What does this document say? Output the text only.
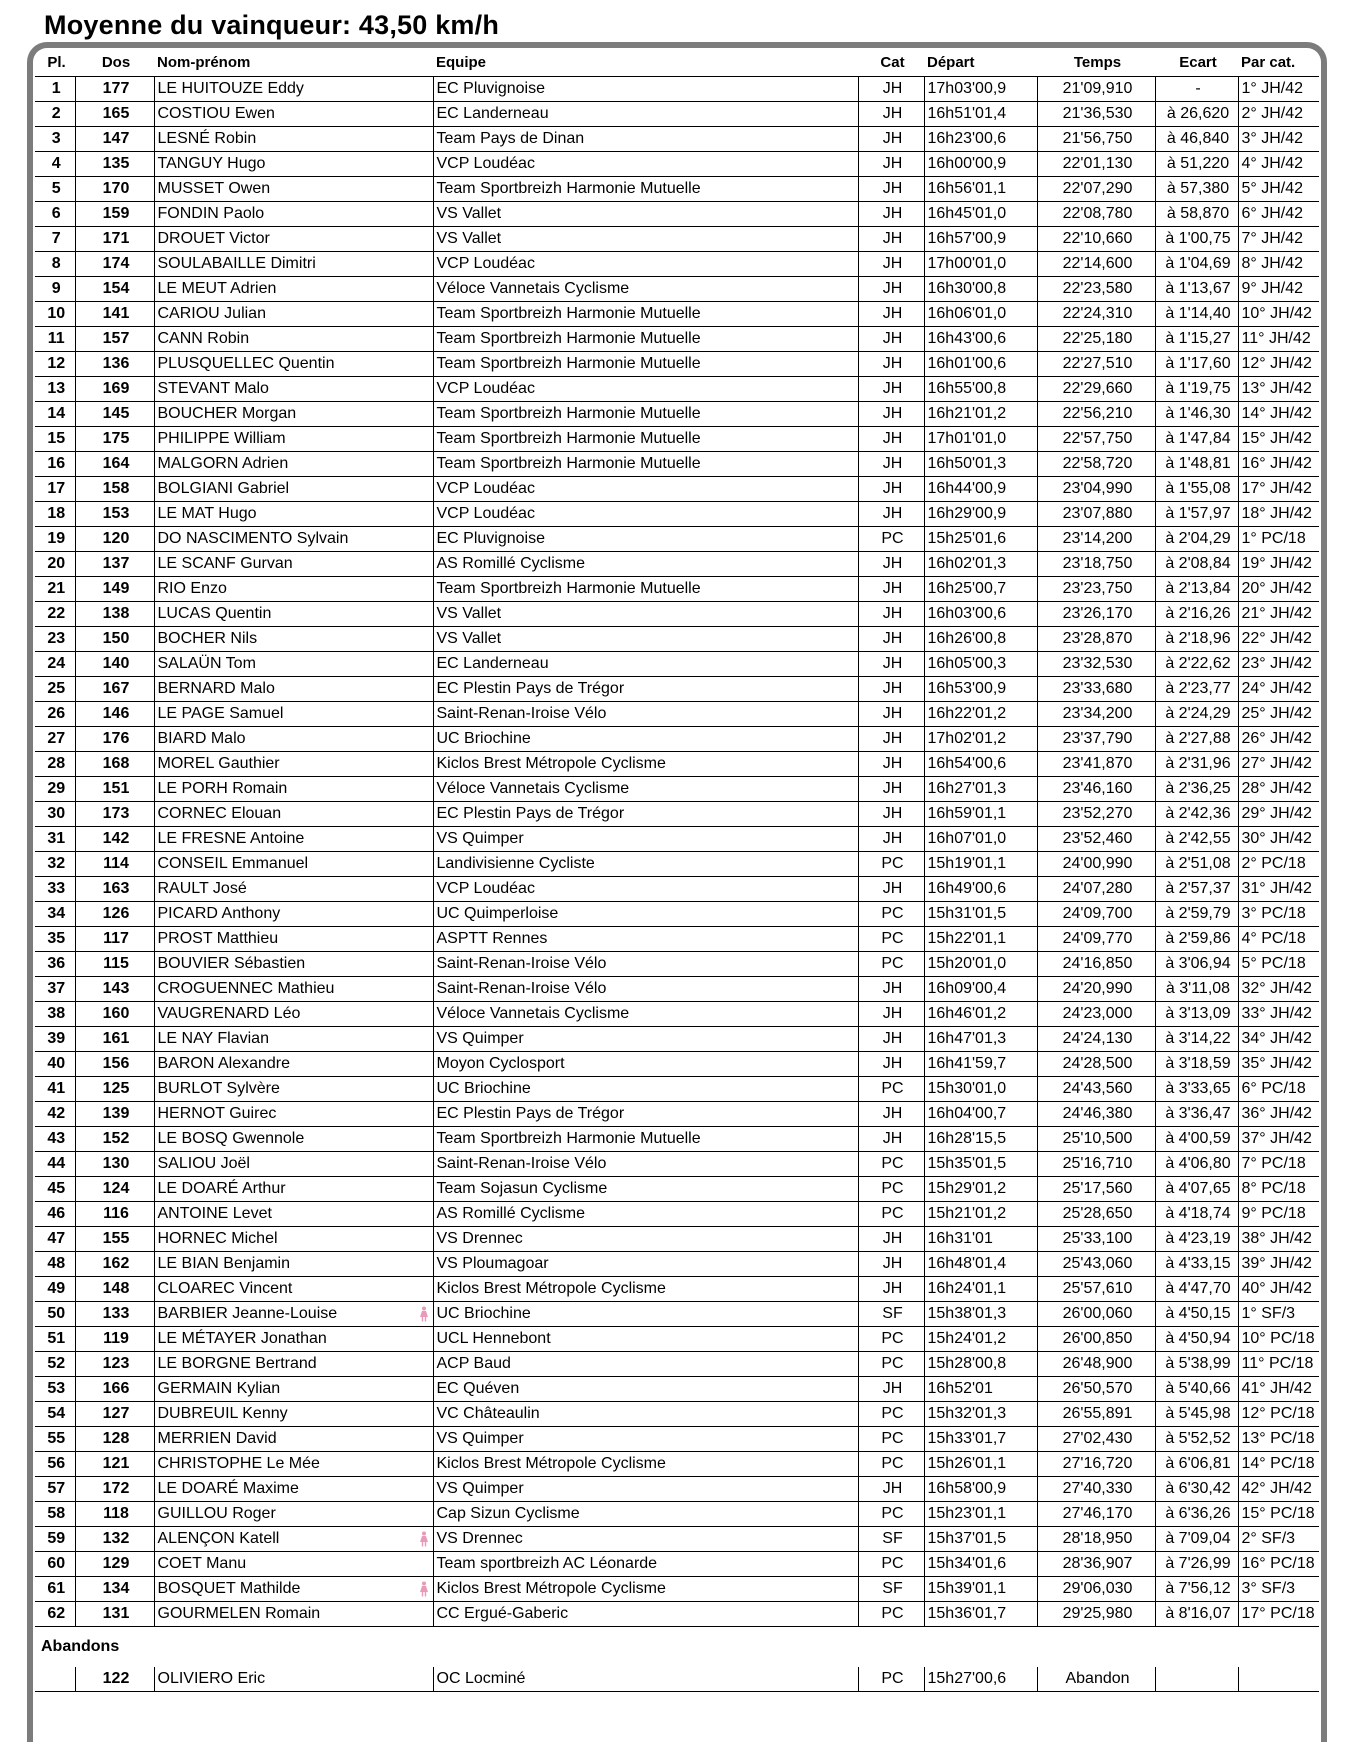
Moyenne du vainqueur: 43,50 km/h
Pl.	Dos	Nom-prénom	Equipe	Cat	Départ	Temps	Ecart	Par cat.
1	177	LE HUITOUZE Eddy	EC Pluvignoise	JH	17h03'00,9	21'09,910	-	1° JH/42
2	165	COSTIOU Ewen	EC Landerneau	JH	16h51'01,4	21'36,530	à 26,620	2° JH/42
3	147	LESNÉ Robin	Team Pays de Dinan	JH	16h23'00,6	21'56,750	à 46,840	3° JH/42
4	135	TANGUY Hugo	VCP Loudéac	JH	16h00'00,9	22'01,130	à 51,220	4° JH/42
5	170	MUSSET Owen	Team Sportbreizh Harmonie Mutuelle	JH	16h56'01,1	22'07,290	à 57,380	5° JH/42
6	159	FONDIN Paolo	VS Vallet	JH	16h45'01,0	22'08,780	à 58,870	6° JH/42
7	171	DROUET Victor	VS Vallet	JH	16h57'00,9	22'10,660	à 1'00,75	7° JH/42
8	174	SOULABAILLE Dimitri	VCP Loudéac	JH	17h00'01,0	22'14,600	à 1'04,69	8° JH/42
9	154	LE MEUT Adrien	Véloce Vannetais Cyclisme	JH	16h30'00,8	22'23,580	à 1'13,67	9° JH/42
10	141	CARIOU Julian	Team Sportbreizh Harmonie Mutuelle	JH	16h06'01,0	22'24,310	à 1'14,40	10° JH/42
11	157	CANN Robin	Team Sportbreizh Harmonie Mutuelle	JH	16h43'00,6	22'25,180	à 1'15,27	11° JH/42
12	136	PLUSQUELLEC Quentin	Team Sportbreizh Harmonie Mutuelle	JH	16h01'00,6	22'27,510	à 1'17,60	12° JH/42
13	169	STEVANT Malo	VCP Loudéac	JH	16h55'00,8	22'29,660	à 1'19,75	13° JH/42
14	145	BOUCHER Morgan	Team Sportbreizh Harmonie Mutuelle	JH	16h21'01,2	22'56,210	à 1'46,30	14° JH/42
15	175	PHILIPPE William	Team Sportbreizh Harmonie Mutuelle	JH	17h01'01,0	22'57,750	à 1'47,84	15° JH/42
16	164	MALGORN Adrien	Team Sportbreizh Harmonie Mutuelle	JH	16h50'01,3	22'58,720	à 1'48,81	16° JH/42
17	158	BOLGIANI Gabriel	VCP Loudéac	JH	16h44'00,9	23'04,990	à 1'55,08	17° JH/42
18	153	LE MAT Hugo	VCP Loudéac	JH	16h29'00,9	23'07,880	à 1'57,97	18° JH/42
19	120	DO NASCIMENTO Sylvain	EC Pluvignoise	PC	15h25'01,6	23'14,200	à 2'04,29	1° PC/18
20	137	LE SCANF Gurvan	AS Romillé Cyclisme	JH	16h02'01,3	23'18,750	à 2'08,84	19° JH/42
21	149	RIO Enzo	Team Sportbreizh Harmonie Mutuelle	JH	16h25'00,7	23'23,750	à 2'13,84	20° JH/42
22	138	LUCAS Quentin	VS Vallet	JH	16h03'00,6	23'26,170	à 2'16,26	21° JH/42
23	150	BOCHER Nils	VS Vallet	JH	16h26'00,8	23'28,870	à 2'18,96	22° JH/42
24	140	SALAÜN Tom	EC Landerneau	JH	16h05'00,3	23'32,530	à 2'22,62	23° JH/42
25	167	BERNARD Malo	EC Plestin Pays de Trégor	JH	16h53'00,9	23'33,680	à 2'23,77	24° JH/42
26	146	LE PAGE Samuel	Saint-Renan-Iroise Vélo	JH	16h22'01,2	23'34,200	à 2'24,29	25° JH/42
27	176	BIARD Malo	UC Briochine	JH	17h02'01,2	23'37,790	à 2'27,88	26° JH/42
28	168	MOREL Gauthier	Kiclos Brest Métropole Cyclisme	JH	16h54'00,6	23'41,870	à 2'31,96	27° JH/42
29	151	LE PORH Romain	Véloce Vannetais Cyclisme	JH	16h27'01,3	23'46,160	à 2'36,25	28° JH/42
30	173	CORNEC Elouan	EC Plestin Pays de Trégor	JH	16h59'01,1	23'52,270	à 2'42,36	29° JH/42
31	142	LE FRESNE Antoine	VS Quimper	JH	16h07'01,0	23'52,460	à 2'42,55	30° JH/42
32	114	CONSEIL Emmanuel	Landivisienne Cycliste	PC	15h19'01,1	24'00,990	à 2'51,08	2° PC/18
33	163	RAULT José	VCP Loudéac	JH	16h49'00,6	24'07,280	à 2'57,37	31° JH/42
34	126	PICARD Anthony	UC Quimperloise	PC	15h31'01,5	24'09,700	à 2'59,79	3° PC/18
35	117	PROST Matthieu	ASPTT Rennes	PC	15h22'01,1	24'09,770	à 2'59,86	4° PC/18
36	115	BOUVIER Sébastien	Saint-Renan-Iroise Vélo	PC	15h20'01,0	24'16,850	à 3'06,94	5° PC/18
37	143	CROGUENNEC Mathieu	Saint-Renan-Iroise Vélo	JH	16h09'00,4	24'20,990	à 3'11,08	32° JH/42
38	160	VAUGRENARD Léo	Véloce Vannetais Cyclisme	JH	16h46'01,2	24'23,000	à 3'13,09	33° JH/42
39	161	LE NAY Flavian	VS Quimper	JH	16h47'01,3	24'24,130	à 3'14,22	34° JH/42
40	156	BARON Alexandre	Moyon Cyclosport	JH	16h41'59,7	24'28,500	à 3'18,59	35° JH/42
41	125	BURLOT Sylvère	UC Briochine	PC	15h30'01,0	24'43,560	à 3'33,65	6° PC/18
42	139	HERNOT Guirec	EC Plestin Pays de Trégor	JH	16h04'00,7	24'46,380	à 3'36,47	36° JH/42
43	152	LE BOSQ Gwennole	Team Sportbreizh Harmonie Mutuelle	JH	16h28'15,5	25'10,500	à 4'00,59	37° JH/42
44	130	SALIOU Joël	Saint-Renan-Iroise Vélo	PC	15h35'01,5	25'16,710	à 4'06,80	7° PC/18
45	124	LE DOARÉ Arthur	Team Sojasun Cyclisme	PC	15h29'01,2	25'17,560	à 4'07,65	8° PC/18
46	116	ANTOINE Levet	AS Romillé Cyclisme	PC	15h21'01,2	25'28,650	à 4'18,74	9° PC/18
47	155	HORNEC Michel	VS Drennec	JH	16h31'01	25'33,100	à 4'23,19	38° JH/42
48	162	LE BIAN Benjamin	VS Ploumagoar	JH	16h48'01,4	25'43,060	à 4'33,15	39° JH/42
49	148	CLOAREC Vincent	Kiclos Brest Métropole Cyclisme	JH	16h24'01,1	25'57,610	à 4'47,70	40° JH/42
50	133	BARBIER Jeanne-Louise	UC Briochine	SF	15h38'01,3	26'00,060	à 4'50,15	1° SF/3
51	119	LE MÉTAYER Jonathan	UCL Hennebont	PC	15h24'01,2	26'00,850	à 4'50,94	10° PC/18
52	123	LE BORGNE Bertrand	ACP Baud	PC	15h28'00,8	26'48,900	à 5'38,99	11° PC/18
53	166	GERMAIN Kylian	EC Quéven	JH	16h52'01	26'50,570	à 5'40,66	41° JH/42
54	127	DUBREUIL Kenny	VC Châteaulin	PC	15h32'01,3	26'55,891	à 5'45,98	12° PC/18
55	128	MERRIEN David	VS Quimper	PC	15h33'01,7	27'02,430	à 5'52,52	13° PC/18
56	121	CHRISTOPHE Le Mée	Kiclos Brest Métropole Cyclisme	PC	15h26'01,1	27'16,720	à 6'06,81	14° PC/18
57	172	LE DOARÉ Maxime	VS Quimper	JH	16h58'00,9	27'40,330	à 6'30,42	42° JH/42
58	118	GUILLOU Roger	Cap Sizun Cyclisme	PC	15h23'01,1	27'46,170	à 6'36,26	15° PC/18
59	132	ALENÇON Katell	VS Drennec	SF	15h37'01,5	28'18,950	à 7'09,04	2° SF/3
60	129	COET Manu	Team sportbreizh AC Léonarde	PC	15h34'01,6	28'36,907	à 7'26,99	16° PC/18
61	134	BOSQUET Mathilde	Kiclos Brest Métropole Cyclisme	SF	15h39'01,1	29'06,030	à 7'56,12	3° SF/3
62	131	GOURMELEN Romain	CC Ergué-Gaberic	PC	15h36'01,7	29'25,980	à 8'16,07	17° PC/18
Abandons								
	122	OLIVIERO Eric	OC Locminé	PC	15h27'00,6	Abandon		
